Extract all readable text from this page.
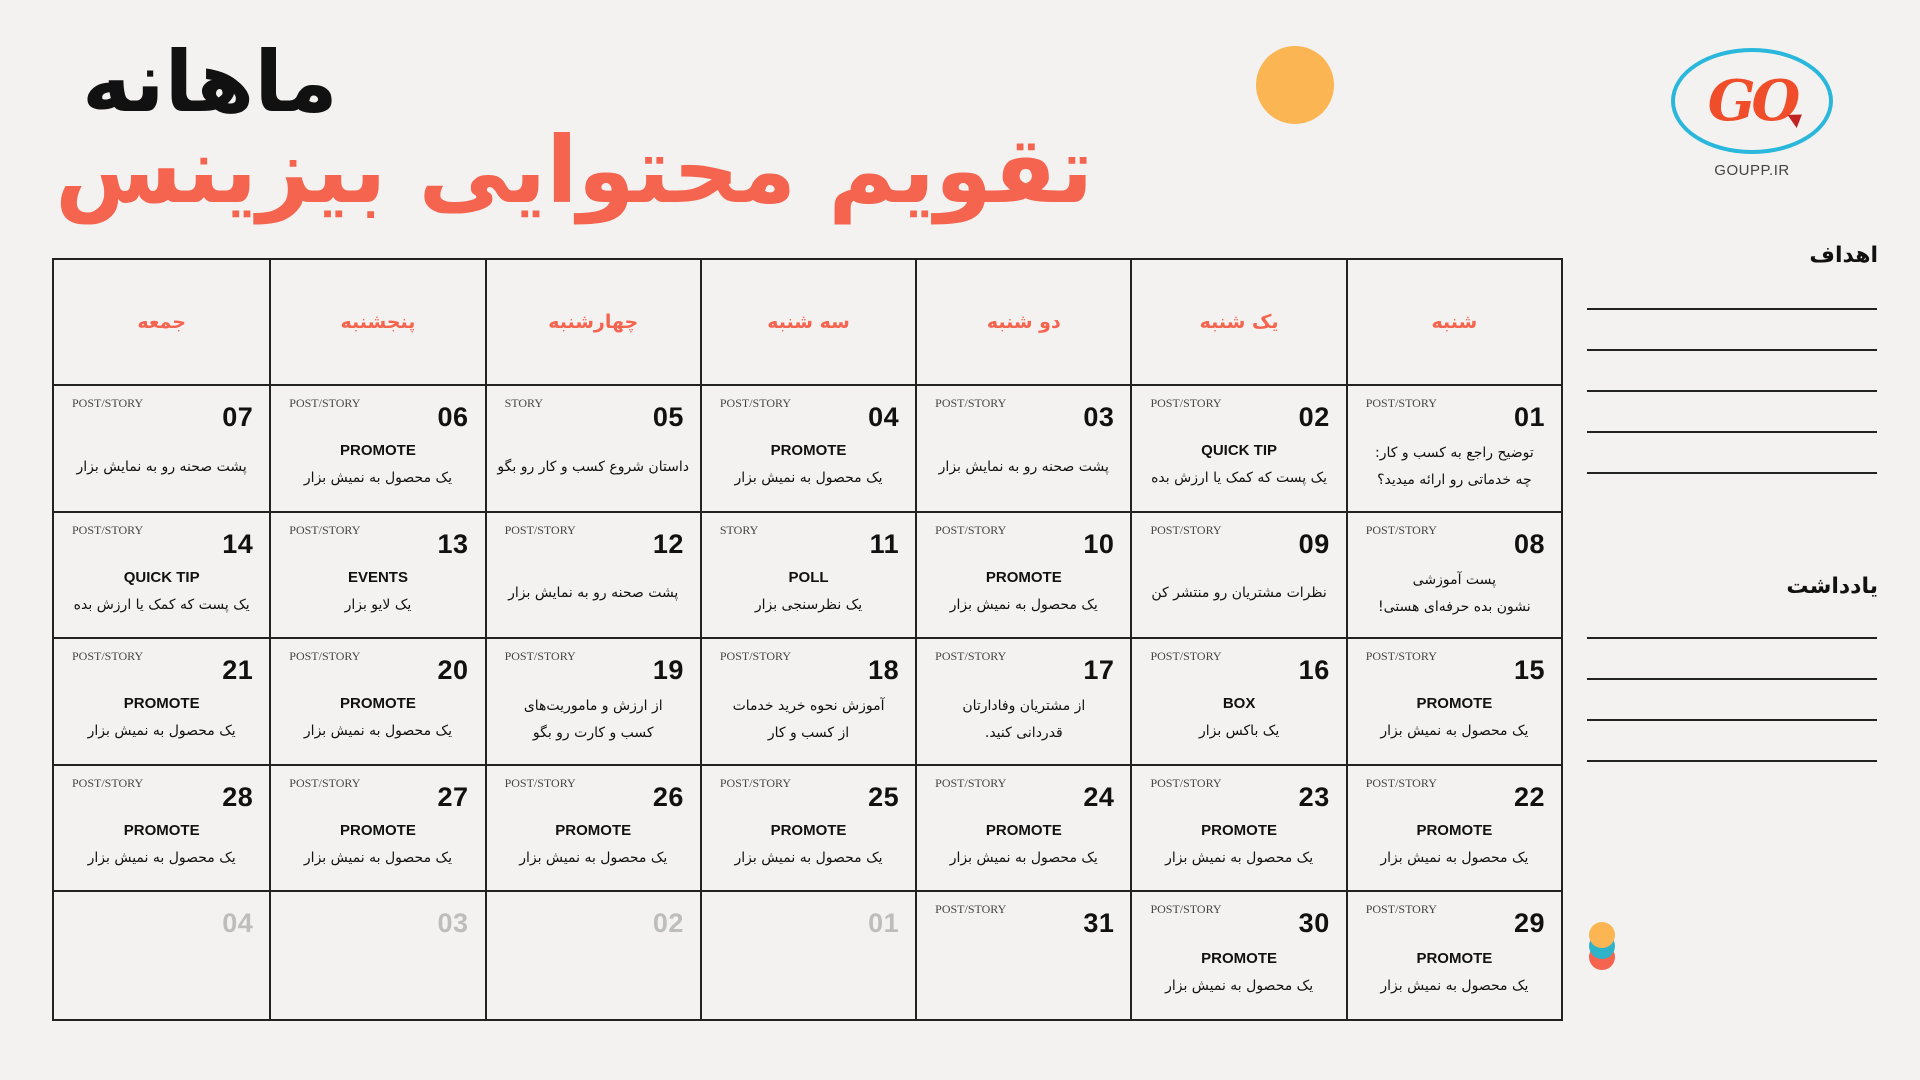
ماهانه
تقویم محتوایی بیزینس
GO
GOUPP.IR
شنبه
یک شنبه
دو شنبه
سه شنبه
چهارشنبه
پنجشنبه
جمعه
01
POST/STORY
توضیح راجع به کسب و کار:
چه خدماتی رو ارائه میدید؟
02
POST/STORY
QUICK TIP
یک پست که کمک یا ارزش بده
03
POST/STORY
پشت صحنه رو به نمایش بزار
04
POST/STORY
PROMOTE
یک محصول به نمیش بزار
05
STORY
داستان شروع کسب و کار رو بگو
06
POST/STORY
PROMOTE
یک محصول به نمیش بزار
07
POST/STORY
پشت صحنه رو به نمایش بزار
08
POST/STORY
پست آموزشی
نشون بده حرفه‌ای هستی!
09
POST/STORY
نظرات مشتریان رو منتشر کن
10
POST/STORY
PROMOTE
یک محصول به نمیش بزار
11
STORY
POLL
یک نظرسنجی بزار
12
POST/STORY
پشت صحنه رو به نمایش بزار
13
POST/STORY
EVENTS
یک لایو بزار
14
POST/STORY
QUICK TIP
یک پست که کمک یا ارزش بده
15
POST/STORY
PROMOTE
یک محصول به نمیش بزار
16
POST/STORY
BOX
یک باکس بزار
17
POST/STORY
از مشتریان وفادارتان
قدردانی کنید.
18
POST/STORY
آموزش نحوه خرید خدمات
از کسب و کار
19
POST/STORY
از ارزش و ماموریت‌های
کسب و کارت رو بگو
20
POST/STORY
PROMOTE
یک محصول به نمیش بزار
21
POST/STORY
PROMOTE
یک محصول به نمیش بزار
22
POST/STORY
PROMOTE
یک محصول به نمیش بزار
23
POST/STORY
PROMOTE
یک محصول به نمیش بزار
24
POST/STORY
PROMOTE
یک محصول به نمیش بزار
25
POST/STORY
PROMOTE
یک محصول به نمیش بزار
26
POST/STORY
PROMOTE
یک محصول به نمیش بزار
27
POST/STORY
PROMOTE
یک محصول به نمیش بزار
28
POST/STORY
PROMOTE
یک محصول به نمیش بزار
29
POST/STORY
PROMOTE
یک محصول به نمیش بزار
30
POST/STORY
PROMOTE
یک محصول به نمیش بزار
31
POST/STORY
01
02
03
04
اهداف
یادداشت
